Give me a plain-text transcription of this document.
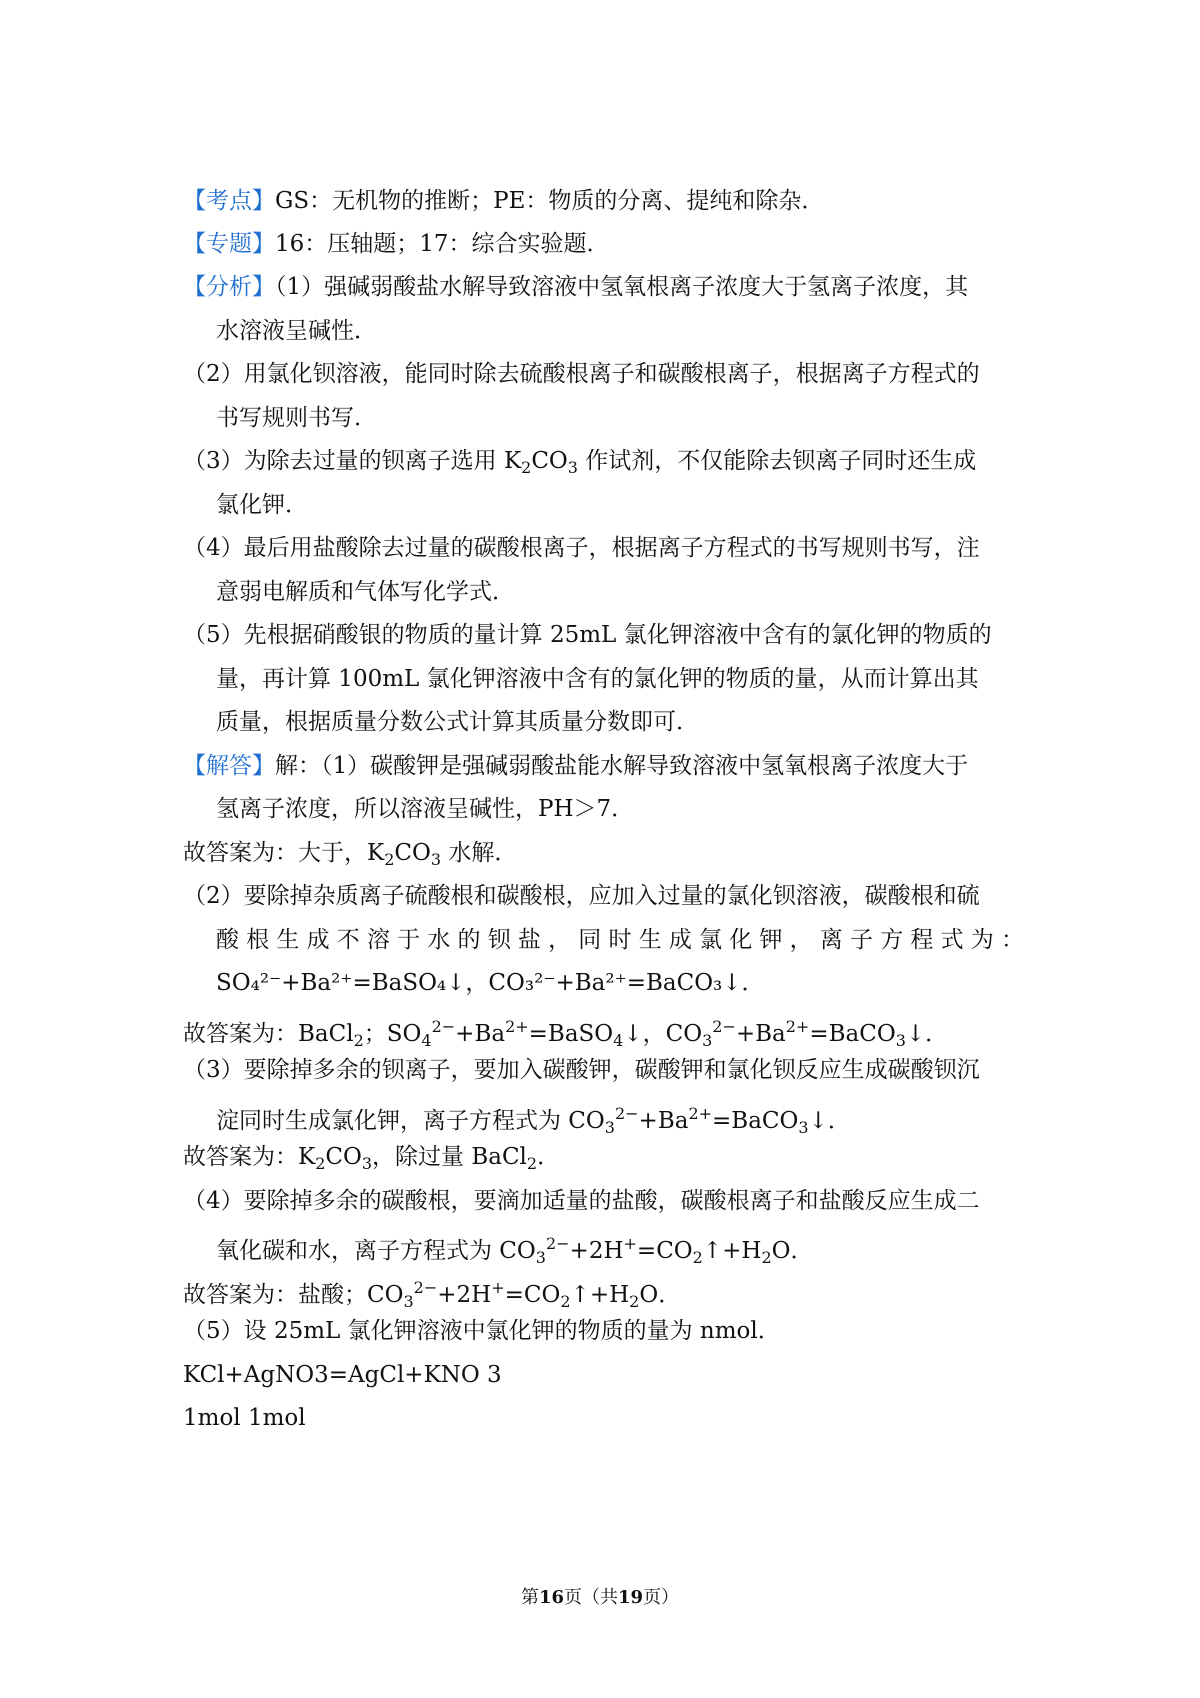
【考点】GS：无机物的推断；PE：物质的分离、提纯和除杂．
【专题】16：压轴题；17：综合实验题．
【分析】（1）强碱弱酸盐水解导致溶液中氢氧根离子浓度大于氢离子浓度，其
水溶液呈碱性．
（2）用氯化钡溶液，能同时除去硫酸根离子和碳酸根离子，根据离子方程式的
书写规则书写．
（3）为除去过量的钡离子选用 $K_2CO_3$ 作试剂，不仅能除去钡离子同时还生成
氯化钾．
（4）最后用盐酸除去过量的碳酸根离子，根据离子方程式的书写规则书写，注
意弱电解质和气体写化学式．
（5）先根据硝酸银的物质的量计算 25mL 氯化钾溶液中含有的氯化钾的物质的
量，再计算 100mL 氯化钾溶液中含有的氯化钾的物质的量，从而计算出其
质量，根据质量分数公式计算其质量分数即可．
【解答】解：（1）碳酸钾是强碱弱酸盐能水解导致溶液中氢氧根离子浓度大于
氢离子浓度，所以溶液呈碱性，PH＞7．
故答案为：大于，$K_2CO_3$ 水解．
（2）要除掉杂质离子硫酸根和碳酸根，应加入过量的氯化钡溶液，碳酸根和硫
酸根生成不溶于水的钡盐，同时生成氯化钾，离子方程式为：
SO₄²⁻+Ba²⁺=BaSO₄↓，CO₃²⁻+Ba²⁺=BaCO₃↓．
故答案为：BaCl$_2$；$SO_4^{2-}+Ba^{2+}=BaSO_4↓$，$CO_3^{2-}+Ba^{2+}=BaCO_3↓$．
（3）要除掉多余的钡离子，要加入碳酸钾，碳酸钾和氯化钡反应生成碳酸钡沉
淀同时生成氯化钾，离子方程式为 $CO_3^{2-}+Ba^{2+}=BaCO_3↓$．
故答案为：$K_2CO_3$，除过量 BaCl$_2$．
（4）要除掉多余的碳酸根，要滴加适量的盐酸，碳酸根离子和盐酸反应生成二
氧化碳和水，离子方程式为 $CO_3^{2-}+2H^+=CO_2↑+H_2O$．
故答案为：盐酸；$CO_3^{2-}+2H^+=CO_2↑+H_2O$．
（5）设 25mL 氯化钾溶液中氯化钾的物质的量为 nmol．
KCl+AgNO3=AgCl+KNO 3
1mol 1mol
第16页（共19页）
